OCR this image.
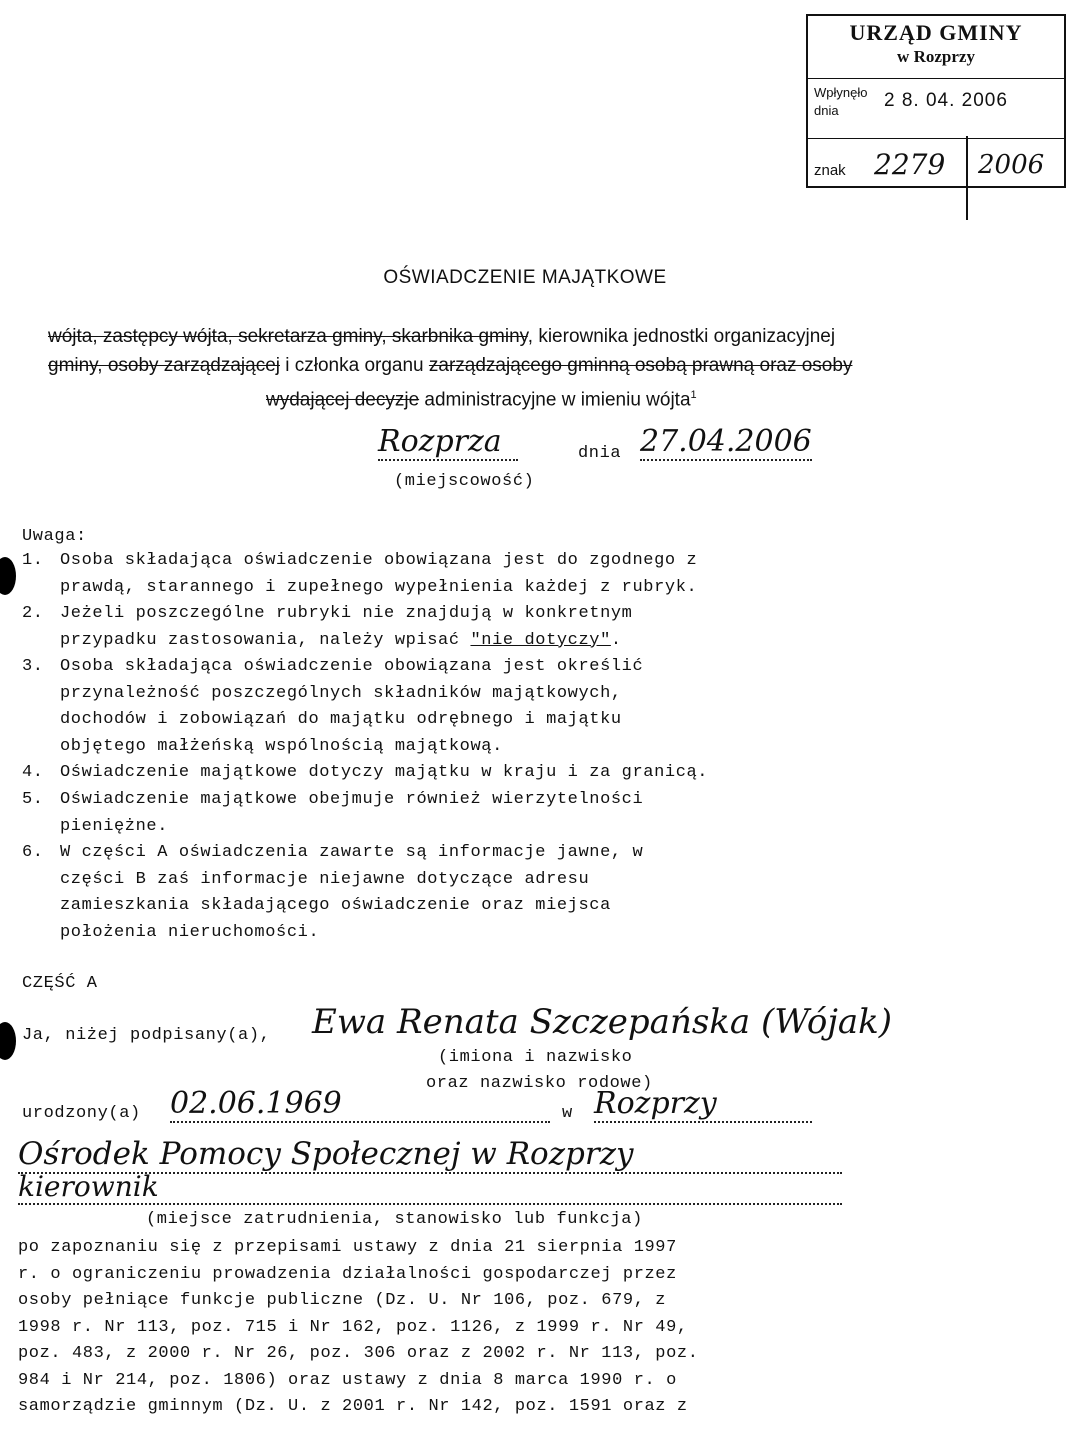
URZĄD GMINY
w Rozprzy
Wpłynęło dnia	2 8. 04. 2006
znak 2279 2006
OŚWIADCZENIE MAJĄTKOWE
wójta, zastępcy wójta, sekretarza gminy, skarbnika gminy, kierownika jednostki organizacyjnej
gminy, osoby zarządzającej i członka organu zarządzającego gminną osobą prawną oraz osoby
wydającej decyzje administracyjne w imieniu wójta$^1$
Rozprza	dnia 27.04.2006
(miejscowość)
Uwaga:
1. Osoba składająca oświadczenie obowiązana jest do zgodnego z
prawdą, starannego i zupełnego wypełnienia każdej z rubryk.
2. Jeżeli poszczególne rubryki nie znajdują w konkretnym
przypadku zastosowania, należy wpisać "nie dotyczy".
3. Osoba składająca oświadczenie obowiązana jest określić
przynależność poszczególnych składników majątkowych,
dochodów i zobowiązań do majątku odrębnego i majątku
objętego małżeńską wspólnością majątkową.
4. Oświadczenie majątkowe dotyczy majątku w kraju i za granicą.
5. Oświadczenie majątkowe obejmuje również wierzytelności
pieniężne.
6. W części A oświadczenia zawarte są informacje jawne, w
części B zaś informacje niejawne dotyczące adresu
zamieszkania składającego oświadczenie oraz miejsca
położenia nieruchomości.
CZĘŚĆ A
Ja, niżej podpisany(a), Ewa Renata Szczepańska (Wójak)
(imiona i nazwisko
oraz nazwisko rodowe)
urodzony(a) 02.06.1969	w Rozprzy
Ośrodek Pomocy Społecznej w Rozprzy
kierownik
(miejsce zatrudnienia, stanowisko lub funkcja)
po zapoznaniu się z przepisami ustawy z dnia 21 sierpnia 1997
r. o ograniczeniu prowadzenia działalności gospodarczej przez
osoby pełniące funkcje publiczne (Dz. U. Nr 106, poz. 679, z
1998 r. Nr 113, poz. 715 i Nr 162, poz. 1126, z 1999 r. Nr 49,
poz. 483, z 2000 r. Nr 26, poz. 306 oraz z 2002 r. Nr 113, poz.
984 i Nr 214, poz. 1806) oraz ustawy z dnia 8 marca 1990 r. o
samorządzie gminnym (Dz. U. z 2001 r. Nr 142, poz. 1591 oraz z
